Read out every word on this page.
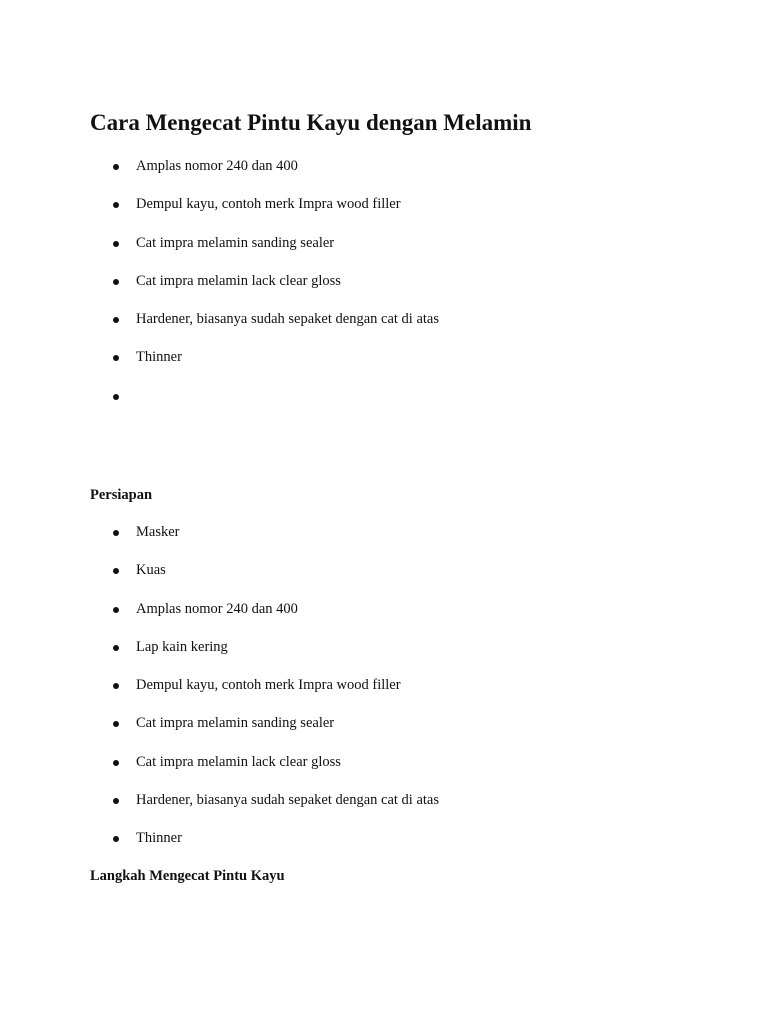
Cara Mengecat Pintu Kayu dengan Melamin
Amplas nomor 240 dan 400
Dempul kayu, contoh merk Impra wood filler
Cat impra melamin sanding sealer
Cat impra melamin lack clear gloss
Hardener, biasanya sudah sepaket dengan cat di atas
Thinner
Persiapan
Masker
Kuas
Amplas nomor 240 dan 400
Lap kain kering
Dempul kayu, contoh merk Impra wood filler
Cat impra melamin sanding sealer
Cat impra melamin lack clear gloss
Hardener, biasanya sudah sepaket dengan cat di atas
Thinner
Langkah Mengecat Pintu Kayu
